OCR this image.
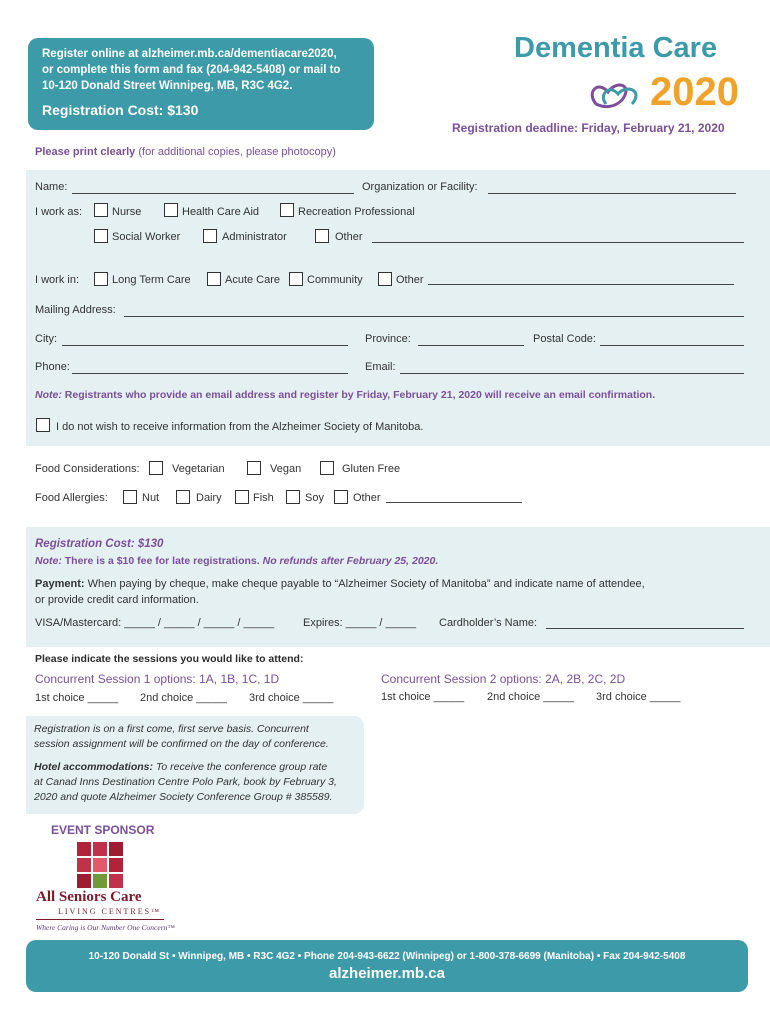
Register online at alzheimer.mb.ca/dementiacare2020,
or complete this form and fax (204-942-5408) or mail to
10-120 Donald Street Winnipeg, MB, R3C 4G2.
Registration Cost: $130
Dementia Care
2020
Registration deadline: Friday, February 21, 2020
Please print clearly (for additional copies, please photocopy)
Name:	Organization or Facility:
I work as:	Nurse	Health Care Aid	Recreation Professional
Social Worker	Administrator	Other
I work in:	Long Term Care	Acute Care Community	Other
Mailing Address:
City:	Province:	Postal Code:
Phone:	Email:
Note: Registrants who provide an email address and register by Friday, February 21, 2020 will receive an email confirmation.
I do not wish to receive information from the Alzheimer Society of Manitoba.
Food Considerations:	Vegetarian	Vegan	Gluten Free
Food Allergies:	Nut	Dairy	Fish	Soy	Other
Registration Cost: $130
Note: There is a $10 fee for late registrations. No refunds after February 25, 2020.
Payment: When paying by cheque, make cheque payable to “Alzheimer Society of Manitoba” and indicate name of attendee,
or provide credit card information.
VISA/Mastercard: _____ / _____ / _____ / _____	Expires: _____ / _____ Cardholder’s Name:
Please indicate the sessions you would like to attend:
Concurrent Session 1 options: 1A, 1B, 1C, 1D
1st choice _____ 2nd choice _____ 3rd choice _____
Concurrent Session 2 options: 2A, 2B, 2C, 2D
1st choice _____ 2nd choice _____ 3rd choice _____
Registration is on a first come, first serve basis. Concurrent
session assignment will be confirmed on the day of conference.
Hotel accommodations: To receive the conference group rate
at Canad Inns Destination Centre Polo Park, book by February 3,
2020 and quote Alzheimer Society Conference Group # 385589.
EVENT SPONSOR
All Seniors Care
LIVING CENTRES™
Where Caring is Our Number One Concern™
10-120 Donald St • Winnipeg, MB • R3C 4G2 • Phone 204-943-6622 (Winnipeg) or 1-800-378-6699 (Manitoba) • Fax 204-942-5408
alzheimer.mb.ca
